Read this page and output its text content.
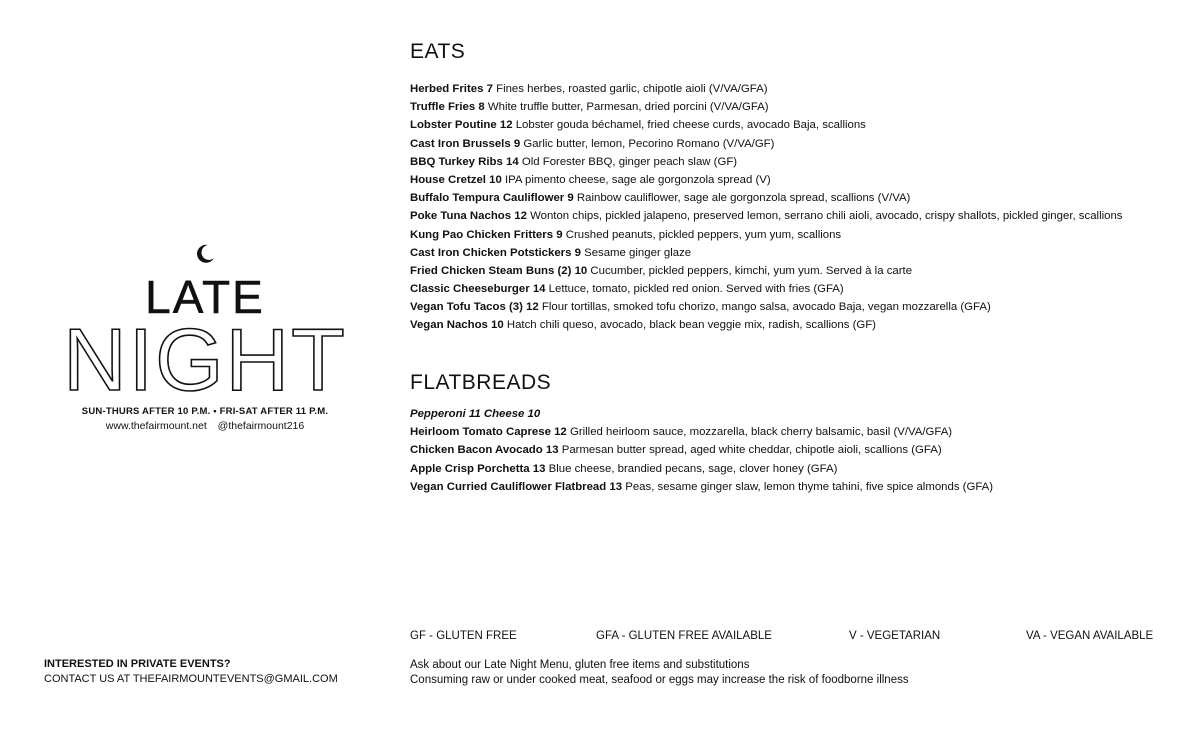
LATE
NIGHT
SUN-THURS AFTER 10 P.M. • FRI-SAT AFTER 11 P.M.
www.thefairmount.net @thefairmount216
EATS
Herbed Frites 7 Fines herbes, roasted garlic, chipotle aioli (V/VA/GFA)
Truffle Fries 8 White truffle butter, Parmesan, dried porcini (V/VA/GFA)
Lobster Poutine 12 Lobster gouda béchamel, fried cheese curds, avocado Baja, scallions
Cast Iron Brussels 9 Garlic butter, lemon, Pecorino Romano (V/VA/GF)
BBQ Turkey Ribs 14 Old Forester BBQ, ginger peach slaw (GF)
House Cretzel 10 IPA pimento cheese, sage ale gorgonzola spread (V)
Buffalo Tempura Cauliflower 9 Rainbow cauliflower, sage ale gorgonzola spread, scallions (V/VA)
Poke Tuna Nachos 12 Wonton chips, pickled jalapeno, preserved lemon, serrano chili aioli, avocado, crispy shallots, pickled ginger, scallions
Kung Pao Chicken Fritters 9 Crushed peanuts, pickled peppers, yum yum, scallions
Cast Iron Chicken Potstickers 9 Sesame ginger glaze
Fried Chicken Steam Buns (2) 10 Cucumber, pickled peppers, kimchi, yum yum. Served à la carte
Classic Cheeseburger 14 Lettuce, tomato, pickled red onion. Served with fries (GFA)
Vegan Tofu Tacos (3) 12 Flour tortillas, smoked tofu chorizo, mango salsa, avocado Baja, vegan mozzarella (GFA)
Vegan Nachos 10 Hatch chili queso, avocado, black bean veggie mix, radish, scallions (GF)
FLATBREADS
Pepperoni 11 Cheese 10
Heirloom Tomato Caprese 12 Grilled heirloom sauce, mozzarella, black cherry balsamic, basil (V/VA/GFA)
Chicken Bacon Avocado 13 Parmesan butter spread, aged white cheddar, chipotle aioli, scallions (GFA)
Apple Crisp Porchetta 13 Blue cheese, brandied pecans, sage, clover honey (GFA)
Vegan Curried Cauliflower Flatbread 13 Peas, sesame ginger slaw, lemon thyme tahini, five spice almonds (GFA)
GF - GLUTEN FREE	GFA - GLUTEN FREE AVAILABLE	V - VEGETARIAN	VA - VEGAN AVAILABLE
Ask about our Late Night Menu, gluten free items and substitutions
Consuming raw or under cooked meat, seafood or eggs may increase the risk of foodborne illness
INTERESTED IN PRIVATE EVENTS?
CONTACT US AT THEFAIRMOUNTEVENTS@GMAIL.COM
